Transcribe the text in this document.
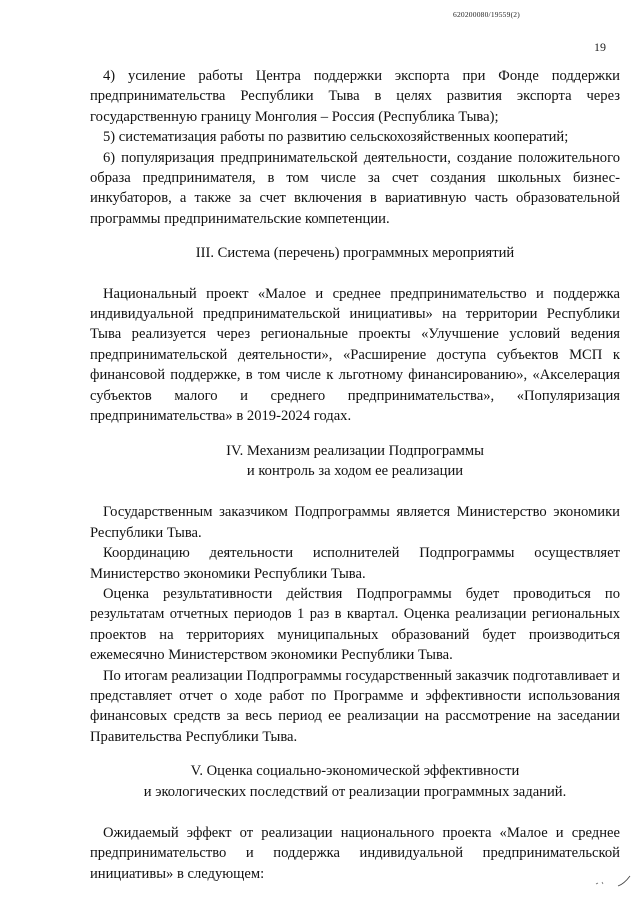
620200080/19559(2)
19

4) усиление работы Центра поддержки экспорта при Фонде поддержки предпринимательства Республики Тыва в целях развития экспорта через государственную границу Монголия – Россия (Республика Тыва);

5) систематизация работы по развитию сельскохозяйственных кооператий;

6) популяризация предпринимательской деятельности, создание положительного образа предпринимателя, в том числе за счет создания школьных бизнес-инкубаторов, а также за счет включения в вариативную часть образовательной программы предпринимательские компетенции.

III. Система (перечень) программных мероприятий

Национальный проект «Малое и среднее предпринимательство и поддержка индивидуальной предпринимательской инициативы» на территории Республики Тыва реализуется через региональные проекты «Улучшение условий ведения предпринимательской деятельности», «Расширение доступа субъектов МСП к финансовой поддержке, в том числе к льготному финансированию», «Акселерация субъектов малого и среднего предпринимательства», «Популяризация предпринимательства» в 2019-2024 годах.

IV. Механизм реализации Подпрограммы

и контроль за ходом ее реализации

Государственным заказчиком Подпрограммы является Министерство экономики Республики Тыва.

Координацию деятельности исполнителей Подпрограммы осуществляет Министерство экономики Республики Тыва.

Оценка результативности действия Подпрограммы будет проводиться по результатам отчетных периодов 1 раз в квартал. Оценка реализации региональных проектов на территориях муниципальных образований будет производиться ежемесячно Министерством экономики Республики Тыва.

По итогам реализации Подпрограммы государственный заказчик подготавливает и представляет отчет о ходе работ по Программе и эффективности использования финансовых средств за весь период ее реализации на рассмотрение на заседании Правительства Республики Тыва.

V. Оценка социально-экономической эффективности

и экологических последствий от реализации программных заданий.

Ожидаемый эффект от реализации национального проекта «Малое и среднее предпринимательство и поддержка индивидуальной предпринимательской инициативы» в следующем:
